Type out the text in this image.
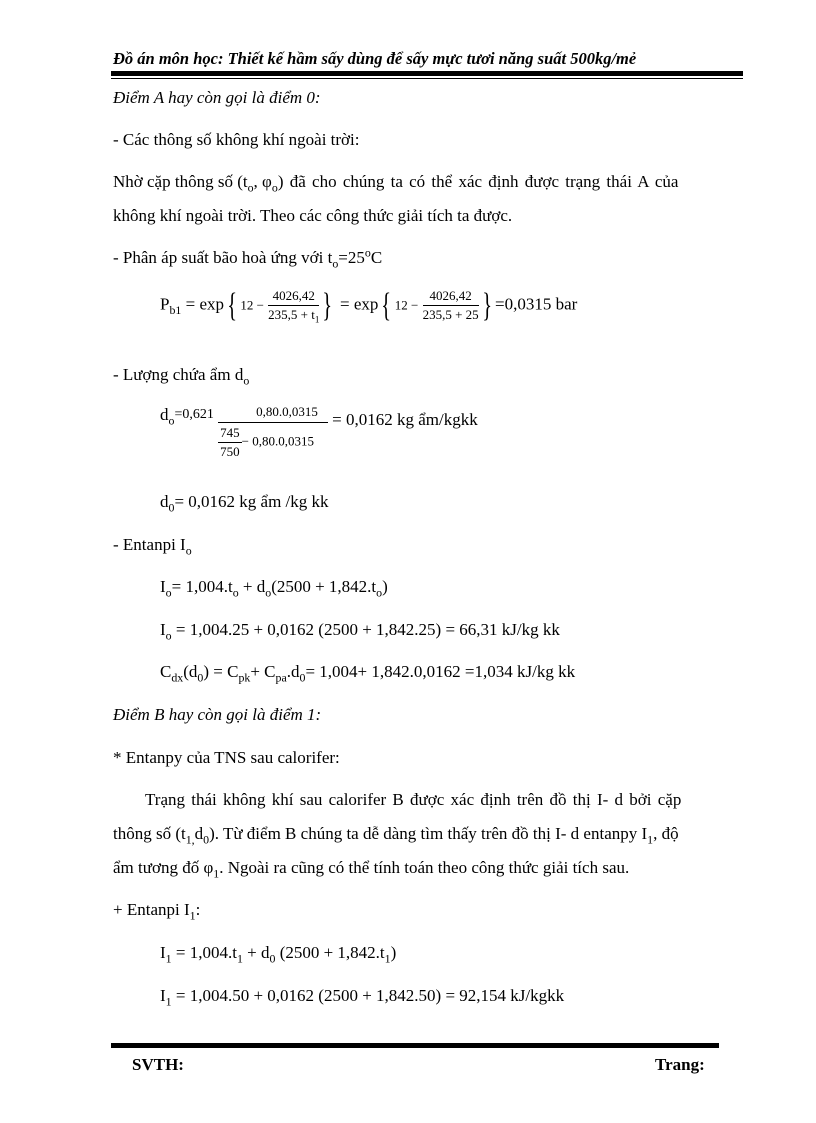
Đồ án môn học: Thiết kế hầm sấy dùng để sấy mực tươi năng suất 500kg/mẻ
Điểm A hay còn gọi là điểm 0:
- Các thông số không khí ngoài trời:
Nhờ cặp thông số ($t_o$, $\varphi_o$) đã cho chúng ta có thể xác định được trạng thái A của
không khí ngoài trời. Theo các công thức giải tích ta được.
- Phân áp suất bão hoà ứng với $t_o=25^oC$
$P_{b1} = \exp${ $12 - \frac{4026,42}{235,5 + t_1}$ } = exp{ $12 - \frac{4026,42}{235,5 + 25}$ } =0,0315 bar
- Lượng chứa ẩm $d_o$
$d_o=0,621 \frac{0,80.0,0315}{\frac{745}{750} - 0,80.0,0315} = 0,0162$ kg ẩm/kgkk
$d_0= 0,0162$ kg ẩm /kg kk
- Entanpi $I_o$
$I_o= 1,004.t_o + d_o(2500 + 1,842.t_o)$
$I_o = 1,004.25 + 0,0162$ (2500 + 1,842.25) = 66,31 kJ/kg kk
$C_{dx}(d_0) = C_{pk}+ C_{pa}.d_0= 1,004+ 1,842.0,0162 =1,034$ kJ/kg kk
Điểm B hay còn gọi là điểm 1:
* Entanpy của TNS sau calorifer:
Trạng thái không khí sau calorifer B được xác định trên đồ thị I- d bởi cặp
thông số $(t_{1,}d_0)$. Từ điểm B chúng ta dễ dàng tìm thấy trên đồ thị I- d entanpy $I_1$, độ
ẩm tương đố $\varphi_1$. Ngoài ra cũng có thể tính toán theo công thức giải tích sau.
+ Entanpi $I_1$:
$I_1 = 1,004.t_1 + d_0$ $(2500 + 1,842.t_1)$
$I_1 = 1,004.50 + 0,0162$ (2500 + 1,842.50) = 92,154 kJ/kgkk
SVTH:	Trang:
